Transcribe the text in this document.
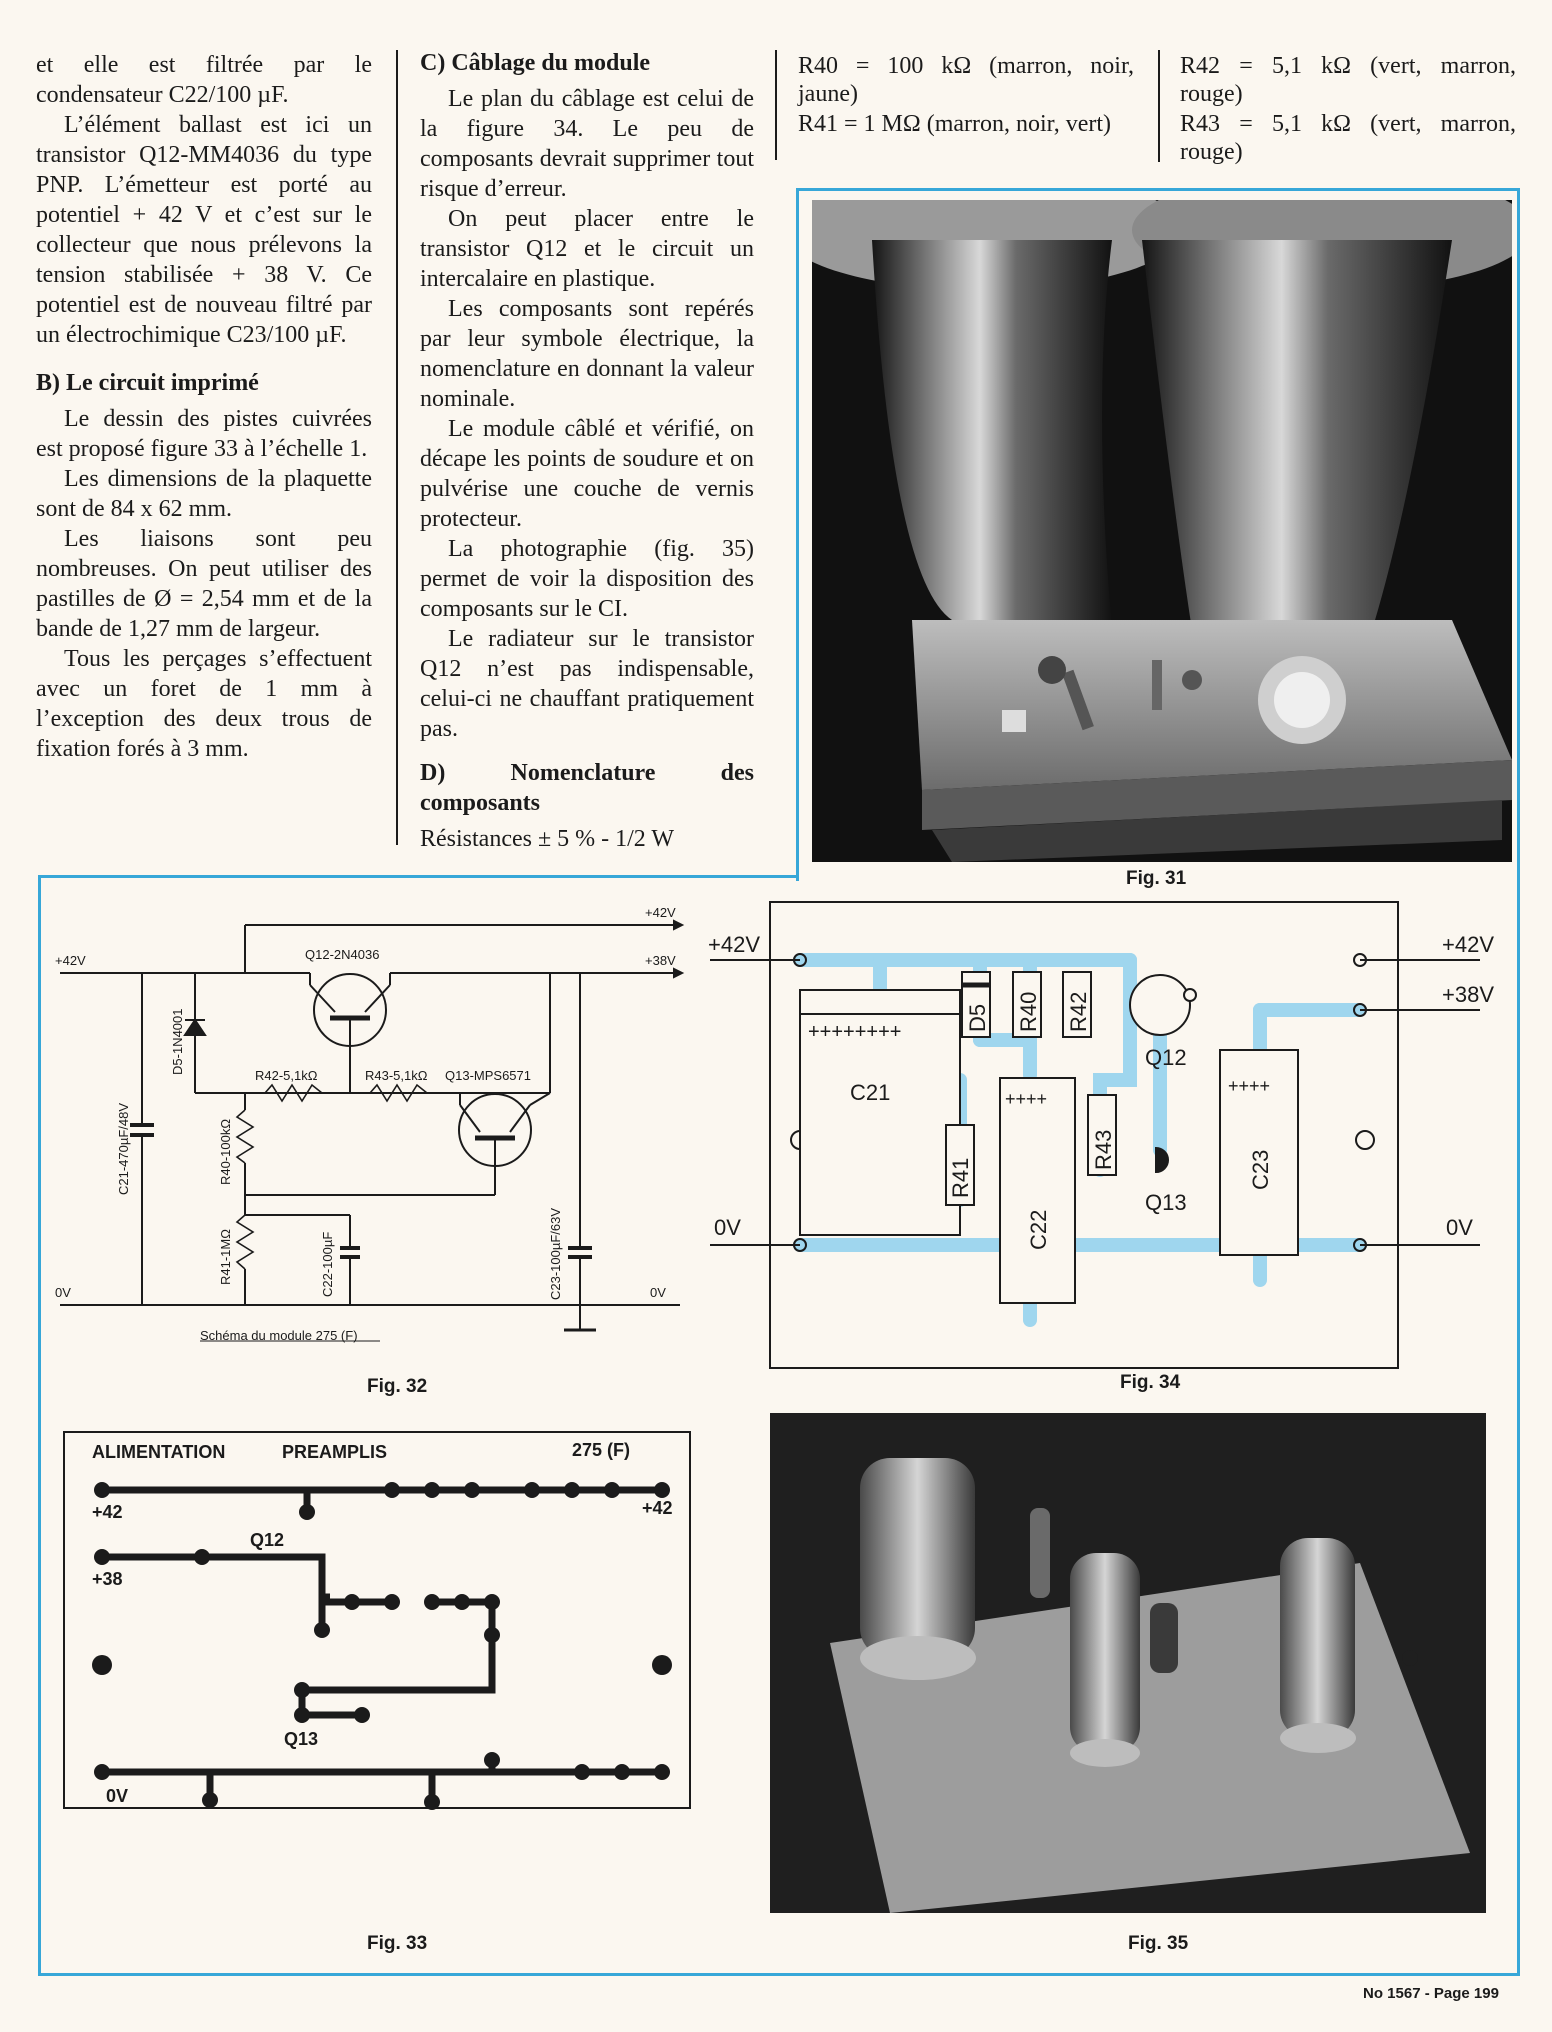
et elle est filtrée par le condensateur C22/100 µF.

L’élément ballast est ici un transistor Q12-MM4036 du type PNP. L’émetteur est porté au potentiel + 42 V et c’est sur le collecteur que nous prélevons la tension stabilisée + 38 V. Ce potentiel est de nouveau filtré par un électrochimique C23/100 µF.

B) Le circuit imprimé

Le dessin des pistes cuivrées est proposé figure 33 à l’échelle 1.

Les dimensions de la plaquette sont de 84 x 62 mm.

Les liaisons sont peu nombreuses. On peut utiliser des pastilles de Ø = 2,54 mm et de la bande de 1,27 mm de largeur.

Tous les perçages s’effectuent avec un foret de 1 mm à l’exception des deux trous de fixation forés à 3 mm.

C) Câblage du module

Le plan du câblage est celui de la figure 34. Le peu de composants devrait supprimer tout risque d’erreur.

On peut placer entre le transistor Q12 et le circuit un intercalaire en plastique.

Les composants sont repérés par leur symbole électrique, la nomenclature en donnant la valeur nominale.

Le module câblé et vérifié, on décape les points de soudure et on pulvérise une couche de vernis protecteur.

La photographie (fig. 35) permet de voir la disposition des composants sur le CI.

Le radiateur sur le transistor Q12 n’est pas indispensable, celui-ci ne chauffant pratiquement pas.

D) Nomenclature des composants

Résistances ± 5 % - 1/2 W

R40 = 100 kΩ (marron, noir, jaune)

R41 = 1 MΩ (marron, noir, vert)

R42 = 5,1 kΩ (vert, marron, rouge)

R43 = 5,1 kΩ (vert, marron, rouge)

Fig. 31
+42V
+42V	+38V
0V	0V
Q12-2N4036
R42-5,1kΩ	R43-5,1kΩ Q13-MPS6571
Schéma du module 275 (F)
D5-1N4001
C21-470µF/48V	R40-100kΩ
R41-1MΩ	C22-100µF	C23-100µF/63V
Fig. 32
+42V	+42V
+38V
0V	0V
C21
++++++++
++++
++++
Q12
Q13
D5 R40 R42
R41
R43
C22
C23
Fig. 34
ALIMENTATION	PREAMPLIS	275 (F)
+42	+42
+38
Q12
Q13
0V
Fig. 33	Fig. 35
No 1567 - Page 199
